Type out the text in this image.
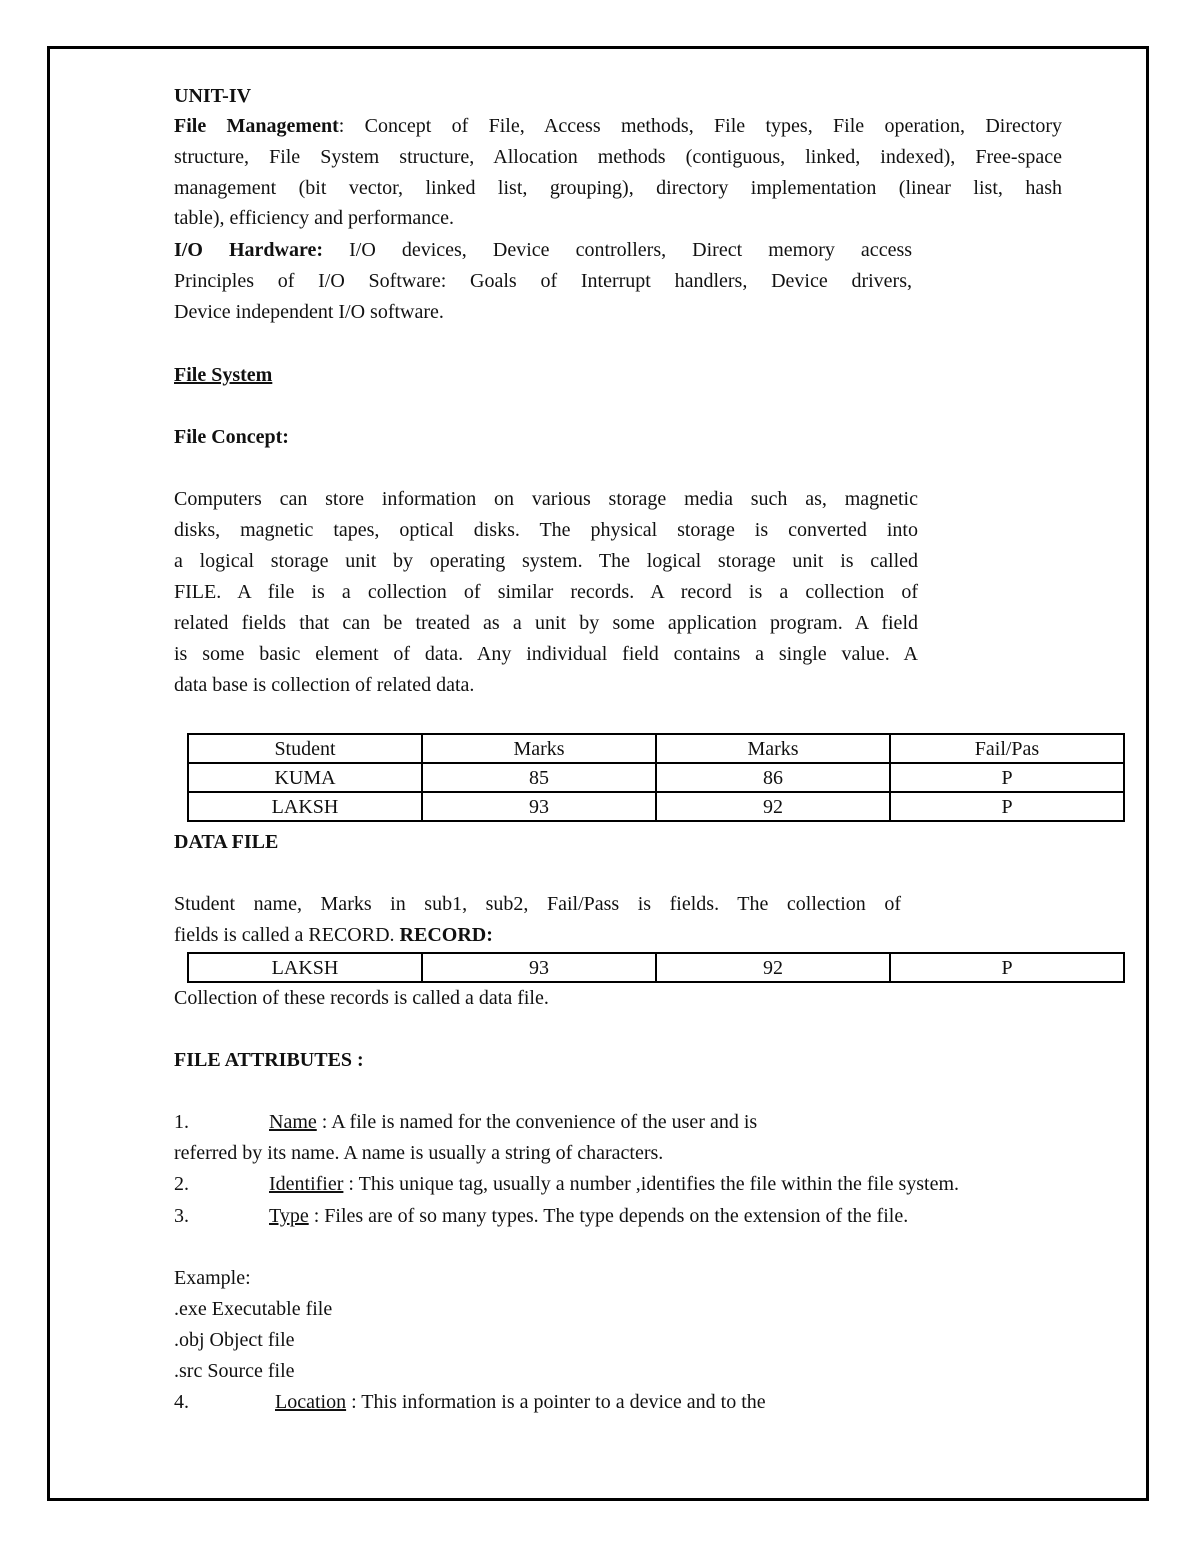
UNIT-IV
File Management: Concept of File, Access methods, File types, File operation, Directory
structure, File System structure, Allocation methods (contiguous, linked, indexed), Free-space
management (bit vector, linked list, grouping), directory implementation (linear list, hash
table), efficiency and performance.
I/O Hardware: I/O devices, Device controllers, Direct memory access
Principles of I/O Software: Goals of Interrupt handlers, Device drivers,
Device independent I/O software.
File System
File Concept:
Computers can store information on various storage media such as, magnetic
disks, magnetic tapes, optical disks. The physical storage is converted into
a logical storage unit by operating system. The logical storage unit is called
FILE. A file is a collection of similar records. A record is a collection of
related fields that can be treated as a unit by some application program. A field
is some basic element of data. Any individual field contains a single value. A
data base is collection of related data.
Student	Marks	Marks	Fail/Pas
KUMA	85	86	P
LAKSH	93	92	P
DATA FILE
Student name, Marks in sub1, sub2, Fail/Pass is fields. The collection of
fields is called a RECORD. RECORD:
LAKSH	93	92	P
Collection of these records is called a data file.
FILE ATTRIBUTES :
1.	Name : A file is named for the convenience of the user and is
referred by its name. A name is usually a string of characters.
2.	Identifier : This unique tag, usually a number ,identifies the file within the file system.
3.	Type : Files are of so many types. The type depends on the extension of the file.
Example:
.exe Executable file
.obj Object file
.src Source file
4.	Location : This information is a pointer to a device and to the
